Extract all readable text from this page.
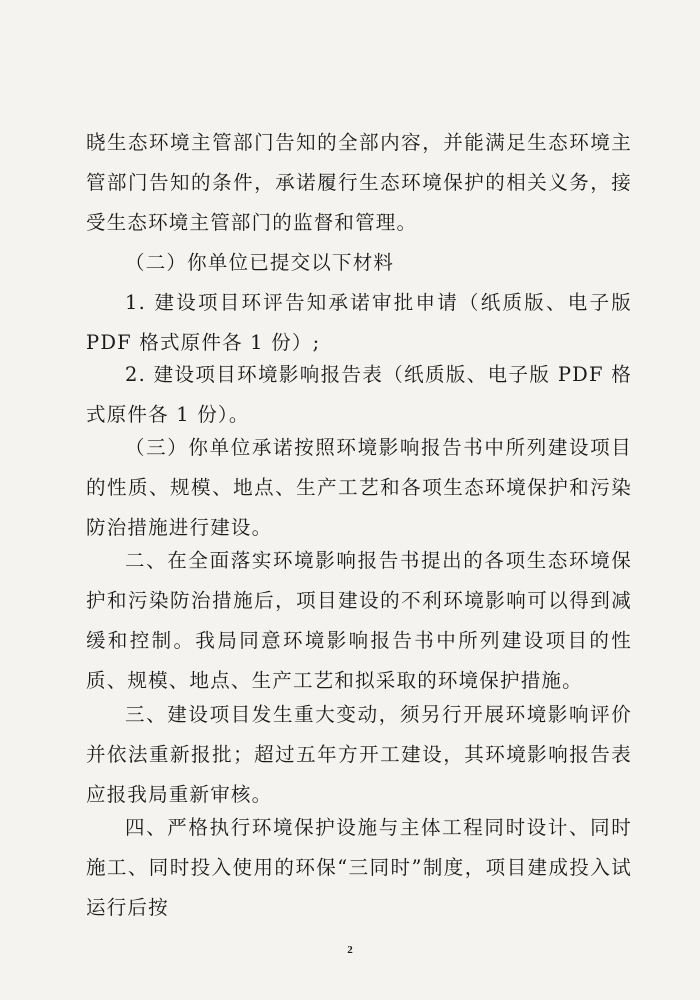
晓生态环境主管部门告知的全部内容，并能满足生态环境主管部门告知的条件，承诺履行生态环境保护的相关义务，接受生态环境主管部门的监督和管理。

（二）你单位已提交以下材料

1. 建设项目环评告知承诺审批申请（纸质版、电子版 PDF 格式原件各 1 份）;

2. 建设项目环境影响报告表（纸质版、电子版 PDF 格式原件各 1 份）。

（三）你单位承诺按照环境影响报告书中所列建设项目的性质、规模、地点、生产工艺和各项生态环境保护和污染防治措施进行建设。

二、在全面落实环境影响报告书提出的各项生态环境保护和污染防治措施后，项目建设的不利环境影响可以得到减缓和控制。我局同意环境影响报告书中所列建设项目的性质、规模、地点、生产工艺和拟采取的环境保护措施。

三、建设项目发生重大变动，须另行开展环境影响评价并依法重新报批；超过五年方开工建设，其环境影响报告表应报我局重新审核。

四、严格执行环境保护设施与主体工程同时设计、同时施工、同时投入使用的环保“三同时”制度，项目建成投入试运行后按

2
